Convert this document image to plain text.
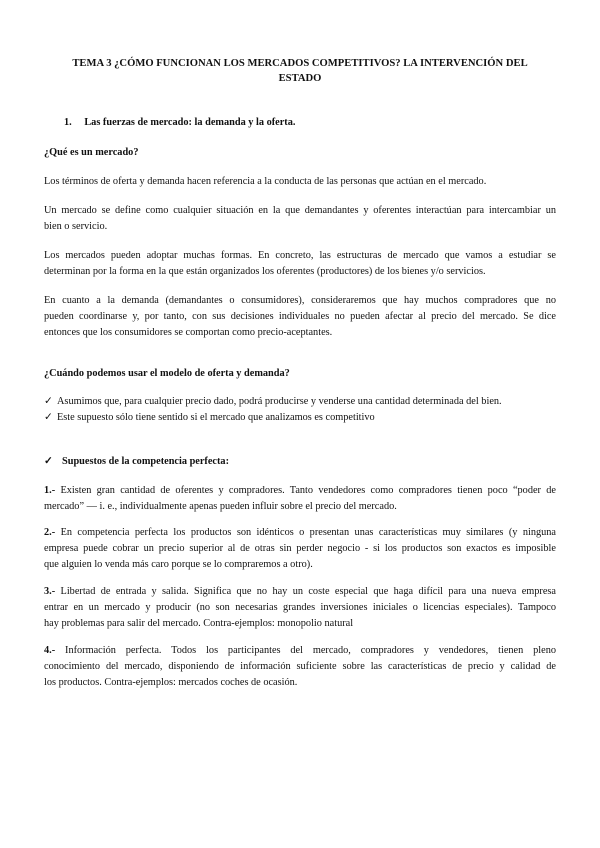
TEMA 3 ¿CÓMO FUNCIONAN LOS MERCADOS COMPETITIVOS? LA INTERVENCIÓN DEL
ESTADO
1. Las fuerzas de mercado: la demanda y la oferta.
¿Qué es un mercado?
Los términos de oferta y demanda hacen referencia a la conducta de las personas que actúan en el mercado.
Un mercado se define como cualquier situación en la que demandantes y oferentes interactúan para intercambiar un
bien o servicio.
Los mercados pueden adoptar muchas formas. En concreto, las estructuras de mercado que vamos a estudiar se
determinan por la forma en la que están organizados los oferentes (productores) de los bienes y/o servicios.
En cuanto a la demanda (demandantes o consumidores), consideraremos que hay muchos compradores que no
pueden coordinarse y, por tanto, con sus decisiones individuales no pueden afectar al precio del mercado. Se dice
entonces que los consumidores se comportan como precio-aceptantes.
¿Cuándo podemos usar el modelo de oferta y demanda?
✓ Asumimos que, para cualquier precio dado, podrá producirse y venderse una cantidad determinada del bien.
✓ Este supuesto sólo tiene sentido si el mercado que analizamos es competitivo
✓ Supuestos de la competencia perfecta:
1.- Existen gran cantidad de oferentes y compradores. Tanto vendedores como compradores tienen poco “poder de
mercado” — i. e., individualmente apenas pueden influir sobre el precio del mercado.
2.- En competencia perfecta los productos son idénticos o presentan unas características muy similares (y ninguna
empresa puede cobrar un precio superior al de otras sin perder negocio - si los productos son exactos es imposible
que alguien lo venda más caro porque se lo compraremos a otro).
3.- Libertad de entrada y salida. Significa que no hay un coste especial que haga difícil para una nueva empresa
entrar en un mercado y producir (no son necesarias grandes inversiones iniciales o licencias especiales). Tampoco
hay problemas para salir del mercado. Contra-ejemplos: monopolio natural
4.- Información perfecta. Todos los participantes del mercado, compradores y vendedores, tienen pleno
conocimiento del mercado, disponiendo de información suficiente sobre las características de precio y calidad de
los productos. Contra-ejemplos: mercados coches de ocasión.
